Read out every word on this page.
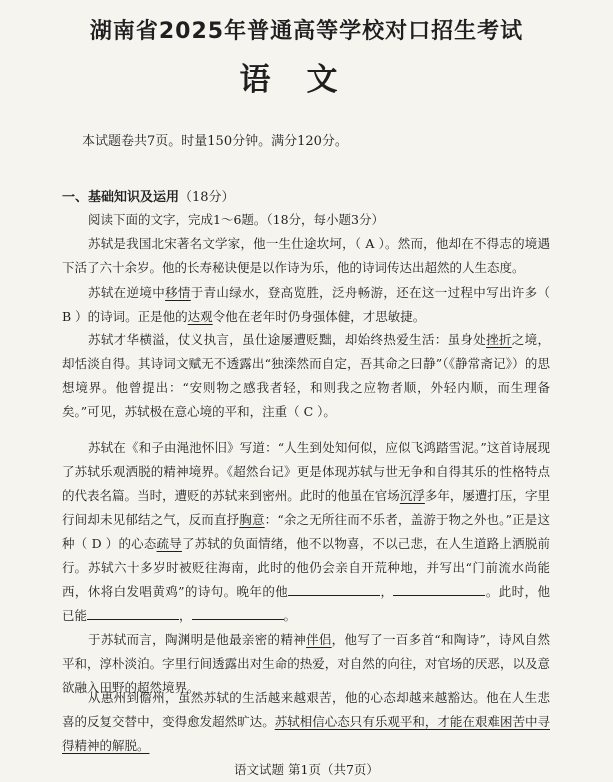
湖南省2025年普通高等学校对口招生考试
语文
本试题卷共7页。时量150分钟。满分120分。
一、基础知识及运用（18分）
阅读下面的文字，完成1～6题。（18分，每小题3分）
苏轼是我国北宋著名文学家，他一生仕途坎坷，（ A ）。然而，他却在不得志的境遇下活了六十余岁。他的长寿秘诀便是以作诗为乐，他的诗词传达出超然的人生态度。
苏轼在逆境中移情于青山绿水，登高览胜，泛舟畅游，还在这一过程中写出许多（ B ）的诗词。正是他的达观令他在老年时仍身强体健，才思敏捷。
苏轼才华横溢，仗义执言，虽仕途屡遭贬黜，却始终热爱生活：虽身处挫折之境，却恬淡自得。其诗词文赋无不透露出“独滦然而自定，吾其命之曰静”（《静常斋记》）的思想境界。他曾提出：“安则物之感我者轻，和则我之应物者顺，外轻内顺，而生理备矣。”可见，苏轼极在意心境的平和，注重（ C ）。
苏轼在《和子由渑池怀旧》写道：“人生到处知何似，应似飞鸿踏雪泥。”这首诗展现了苏轼乐观洒脱的精神境界。《超然台记》更是体现苏轼与世无争和自得其乐的性格特点的代表名篇。当时，遭贬的苏轼来到密州。此时的他虽在官场沉浮多年，屡遭打压，字里行间却未见郁结之气，反而直抒胸意：“余之无所往而不乐者，盖游于物之外也。”正是这种（ D ）的心态疏导了苏轼的负面情绪，他不以物喜，不以己悲，在人生道路上洒脱前行。 苏轼六十多岁时被贬往海南，此时的他仍会亲自开荒种地，并写出“门前流水尚能西，休将白发唱黄鸡”的诗句。晚年的他	，	。此时，他已能	，	。
于苏轼而言，陶渊明是他最亲密的精神伴侣，他写了一百多首“和陶诗”，诗风自然平和，淳朴淡泊。字里行间透露出对生命的热爱，对自然的向往，对官场的厌恶，以及意欲融入田野的超然境界。
从惠州到儋州，虽然苏轼的生活越来越艰苦，他的心态却越来越豁达。他在人生悲喜的反复交替中，变得愈发超然旷达。苏轼相信心态只有乐观平和，才能在艰难困苦中寻得精神的解脱。
语文试题 第1页（共7页）
